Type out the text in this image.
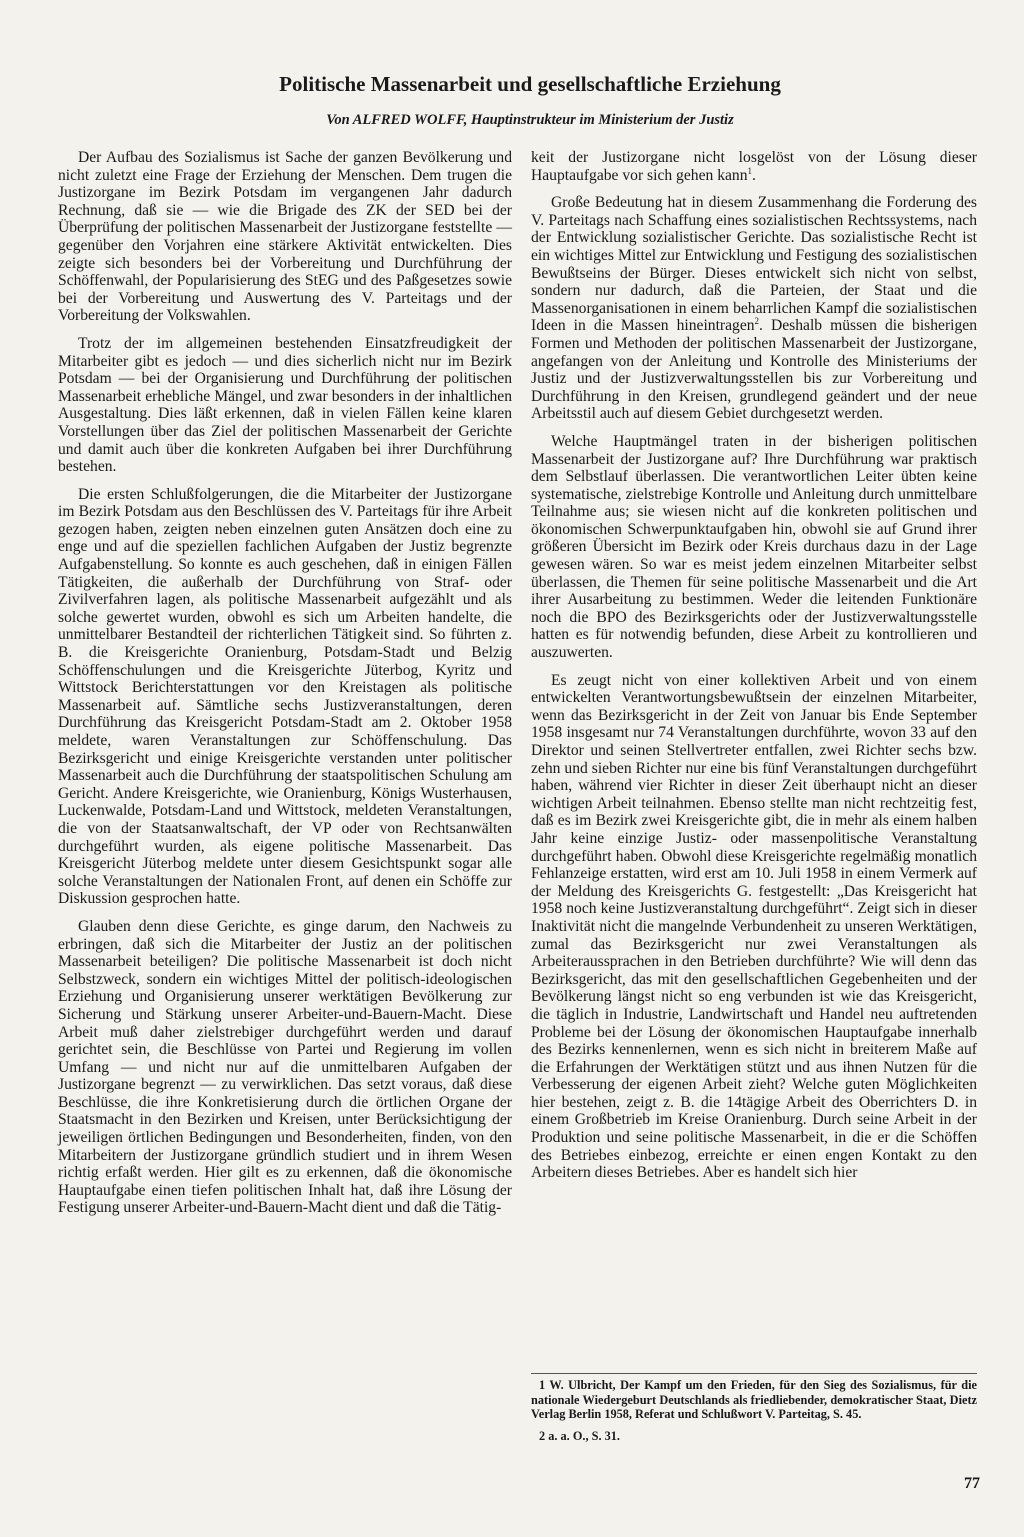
Politische Massenarbeit und gesellschaftliche Erziehung
Von ALFRED WOLFF, Hauptinstrukteur im Ministerium der Justiz

Der Aufbau des Sozialismus ist Sache der ganzen Bevölkerung und nicht zuletzt eine Frage der Erziehung der Menschen. Dem trugen die Justizorgane im Bezirk Potsdam im vergangenen Jahr dadurch Rechnung, daß sie — wie die Brigade des ZK der SED bei der Überprüfung der politischen Massenarbeit der Justizorgane feststellte — gegenüber den Vorjahren eine stärkere Aktivität entwickelten. Dies zeigte sich besonders bei der Vorbereitung und Durchführung der Schöffenwahl, der Popularisierung des StEG und des Paßgesetzes sowie bei der Vorbereitung und Auswertung des V. Parteitags und der Vorbereitung der Volkswahlen.

Trotz der im allgemeinen bestehenden Einsatzfreudigkeit der Mitarbeiter gibt es jedoch — und dies sicherlich nicht nur im Bezirk Potsdam — bei der Organisierung und Durchführung der politischen Massenarbeit erhebliche Mängel, und zwar besonders in der inhaltlichen Ausgestaltung. Dies läßt erkennen, daß in vielen Fällen keine klaren Vorstellungen über das Ziel der politischen Massenarbeit der Gerichte und damit auch über die konkreten Aufgaben bei ihrer Durchführung bestehen.

Die ersten Schlußfolgerungen, die die Mitarbeiter der Justizorgane im Bezirk Potsdam aus den Beschlüssen des V. Parteitags für ihre Arbeit gezogen haben, zeigten neben einzelnen guten Ansätzen doch eine zu enge und auf die speziellen fachlichen Aufgaben der Justiz begrenzte Aufgabenstellung. So konnte es auch geschehen, daß in einigen Fällen Tätigkeiten, die außerhalb der Durchführung von Straf- oder Zivilverfahren lagen, als politische Massenarbeit aufgezählt und als solche gewertet wurden, obwohl es sich um Arbeiten handelte, die unmittelbarer Bestandteil der richterlichen Tätigkeit sind. So führten z. B. die Kreisgerichte Oranienburg, Potsdam-Stadt und Belzig Schöffenschulungen und die Kreisgerichte Jüterbog, Kyritz und Wittstock Berichterstattungen vor den Kreistagen als politische Massenarbeit auf. Sämtliche sechs Justizveranstaltungen, deren Durchführung das Kreisgericht Potsdam-Stadt am 2. Oktober 1958 meldete, waren Veranstaltungen zur Schöffenschulung. Das Bezirksgericht und einige Kreisgerichte verstanden unter politischer Massenarbeit auch die Durchführung der staatspolitischen Schulung am Gericht. Andere Kreisgerichte, wie Oranienburg, Königs Wusterhausen, Luckenwalde, Potsdam-Land und Wittstock, meldeten Veranstaltungen, die von der Staatsanwaltschaft, der VP oder von Rechtsanwälten durchgeführt wurden, als eigene politische Massenarbeit. Das Kreisgericht Jüterbog meldete unter diesem Gesichtspunkt sogar alle solche Veranstaltungen der Nationalen Front, auf denen ein Schöffe zur Diskussion gesprochen hatte.

Glauben denn diese Gerichte, es ginge darum, den Nachweis zu erbringen, daß sich die Mitarbeiter der Justiz an der politischen Massenarbeit beteiligen? Die politische Massenarbeit ist doch nicht Selbstzweck, sondern ein wichtiges Mittel der politisch-ideologischen Erziehung und Organisierung unserer werktätigen Bevölkerung zur Sicherung und Stärkung unserer Arbeiter-und-Bauern-Macht. Diese Arbeit muß daher zielstrebiger durchgeführt werden und darauf gerichtet sein, die Beschlüsse von Partei und Regierung im vollen Umfang — und nicht nur auf die unmittelbaren Aufgaben der Justizorgane begrenzt — zu verwirklichen. Das setzt voraus, daß diese Beschlüsse, die ihre Konkretisierung durch die örtlichen Organe der Staatsmacht in den Bezirken und Kreisen, unter Berücksichtigung der jeweiligen örtlichen Bedingungen und Besonderheiten, finden, von den Mitarbeitern der Justizorgane gründlich studiert und in ihrem Wesen richtig erfaßt werden. Hier gilt es zu erkennen, daß die ökonomische Hauptaufgabe einen tiefen politischen Inhalt hat, daß ihre Lösung der Festigung unserer Arbeiter-und-Bauern-Macht dient und daß die Tätig-

keit der Justizorgane nicht losgelöst von der Lösung dieser Hauptaufgabe vor sich gehen kann$^1$.

Große Bedeutung hat in diesem Zusammenhang die Forderung des V. Parteitags nach Schaffung eines sozialistischen Rechtssystems, nach der Entwicklung sozialistischer Gerichte. Das sozialistische Recht ist ein wichtiges Mittel zur Entwicklung und Festigung des sozialistischen Bewußtseins der Bürger. Dieses entwickelt sich nicht von selbst, sondern nur dadurch, daß die Parteien, der Staat und die Massenorganisationen in einem beharrlichen Kampf die sozialistischen Ideen in die Massen hineintragen$^2$. Deshalb müssen die bisherigen Formen und Methoden der politischen Massenarbeit der Justizorgane, angefangen von der Anleitung und Kontrolle des Ministeriums der Justiz und der Justizverwaltungsstellen bis zur Vorbereitung und Durchführung in den Kreisen, grundlegend geändert und der neue Arbeitsstil auch auf diesem Gebiet durchgesetzt werden.

Welche Hauptmängel traten in der bisherigen politischen Massenarbeit der Justizorgane auf? Ihre Durchführung war praktisch dem Selbstlauf überlassen. Die verantwortlichen Leiter übten keine systematische, zielstrebige Kontrolle und Anleitung durch unmittelbare Teilnahme aus; sie wiesen nicht auf die konkreten politischen und ökonomischen Schwerpunktaufgaben hin, obwohl sie auf Grund ihrer größeren Übersicht im Bezirk oder Kreis durchaus dazu in der Lage gewesen wären. So war es meist jedem einzelnen Mitarbeiter selbst überlassen, die Themen für seine politische Massenarbeit und die Art ihrer Ausarbeitung zu bestimmen. Weder die leitenden Funktionäre noch die BPO des Bezirksgerichts oder der Justizverwaltungsstelle hatten es für notwendig befunden, diese Arbeit zu kontrollieren und auszuwerten.

Es zeugt nicht von einer kollektiven Arbeit und von einem entwickelten Verantwortungsbewußtsein der einzelnen Mitarbeiter, wenn das Bezirksgericht in der Zeit von Januar bis Ende September 1958 insgesamt nur 74 Veranstaltungen durchführte, wovon 33 auf den Direktor und seinen Stellvertreter entfallen, zwei Richter sechs bzw. zehn und sieben Richter nur eine bis fünf Veranstaltungen durchgeführt haben, während vier Richter in dieser Zeit überhaupt nicht an dieser wichtigen Arbeit teilnahmen. Ebenso stellte man nicht rechtzeitig fest, daß es im Bezirk zwei Kreisgerichte gibt, die in mehr als einem halben Jahr keine einzige Justiz- oder massenpolitische Veranstaltung durchgeführt haben. Obwohl diese Kreisgerichte regelmäßig monatlich Fehlanzeige erstatten, wird erst am 10. Juli 1958 in einem Vermerk auf der Meldung des Kreisgerichts G. festgestellt: „Das Kreisgericht hat 1958 noch keine Justizveranstaltung durchgeführt“. Zeigt sich in dieser Inaktivität nicht die mangelnde Verbundenheit zu unseren Werktätigen, zumal das Bezirksgericht nur zwei Veranstaltungen als Arbeiteraussprachen in den Betrieben durchführte? Wie will denn das Bezirksgericht, das mit den gesellschaftlichen Gegebenheiten und der Bevölkerung längst nicht so eng verbunden ist wie das Kreisgericht, die täglich in Industrie, Landwirtschaft und Handel neu auftretenden Probleme bei der Lösung der ökonomischen Hauptaufgabe innerhalb des Bezirks kennenlernen, wenn es sich nicht in breiterem Maße auf die Erfahrungen der Werktätigen stützt und aus ihnen Nutzen für die Verbesserung der eigenen Arbeit zieht? Welche guten Möglichkeiten hier bestehen, zeigt z. B. die 14tägige Arbeit des Oberrichters D. in einem Großbetrieb im Kreise Oranienburg. Durch seine Arbeit in der Produktion und seine politische Massenarbeit, in die er die Schöffen des Betriebes einbezog, erreichte er einen engen Kontakt zu den Arbeitern dieses Betriebes. Aber es handelt sich hier

1 W. Ulbricht, Der Kampf um den Frieden, für den Sieg des Sozialismus, für die nationale Wiedergeburt Deutschlands als friedliebender, demokratischer Staat, Dietz Verlag Berlin 1958, Referat und Schlußwort V. Parteitag, S. 45.

2 a. a. O., S. 31.

77
